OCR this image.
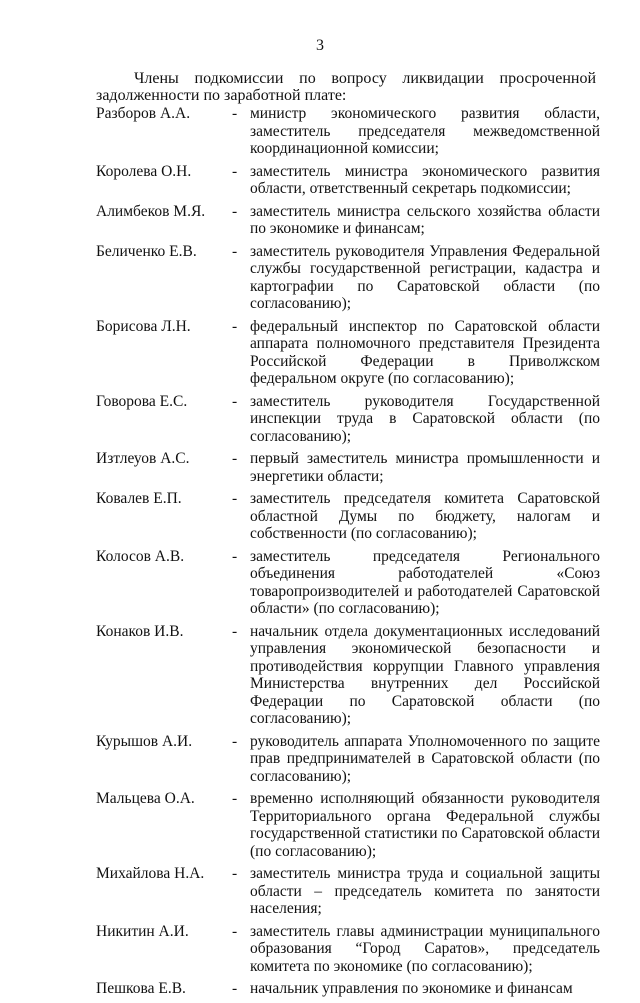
3
Члены подкомиссии по вопросу ликвидации просроченной задолженности по заработной плате:
Разборов А.А.	- министр экономического развития области, заместитель председателя межведомственной координационной комиссии;
Королева О.Н.	- заместитель министра экономического развития области, ответственный секретарь подкомиссии;
Алимбеков М.Я.	- заместитель министра сельского хозяйства области по экономике и финансам;
Беличенко Е.В.	- заместитель руководителя Управления Федеральной службы государственной регистрации, кадастра и картографии по Саратовской области (по согласованию);
Борисова Л.Н.	- федеральный инспектор по Саратовской области аппарата полномочного представителя Президента Российской Федерации в Приволжском федеральном округе (по согласованию);
Говорова Е.С.	- заместитель руководителя Государственной инспекции труда в Саратовской области (по согласованию);
Изтлеуов А.С.	- первый заместитель министра промышленности и энергетики области;
Ковалев Е.П.	- заместитель председателя комитета Саратовской областной Думы по бюджету, налогам и собственности (по согласованию);
Колосов А.В.	- заместитель председателя Регионального объединения работодателей «Союз товаропроизводителей и работодателей Саратовской области» (по согласованию);
Конаков И.В.	- начальник отдела документационных исследований управления экономической безопасности и противодействия коррупции Главного управления Министерства внутренних дел Российской Федерации по Саратовской области (по согласованию);
Курышов А.И.	- руководитель аппарата Уполномоченного по защите прав предпринимателей в Саратовской области (по согласованию);
Мальцева О.А.	- временно исполняющий обязанности руководителя Территориального органа Федеральной службы государственной статистики по Саратовской области (по согласованию);
Михайлова Н.А.	- заместитель министра труда и социальной защиты области – председатель комитета по занятости населения;
Никитин А.И.	- заместитель главы администрации муниципального образования “Город Саратов», председатель комитета по экономике (по согласованию);
Пешкова Е.В.	- начальник управления по экономике и финансам
